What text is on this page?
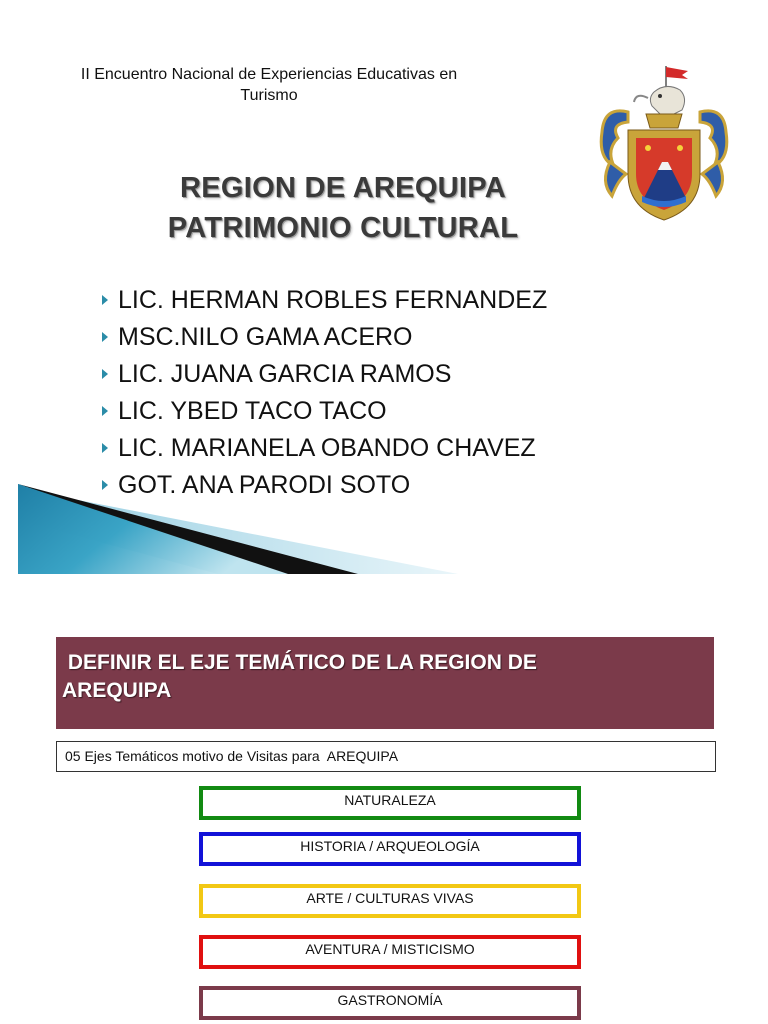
II Encuentro Nacional de Experiencias Educativas en
Turismo
REGION DE AREQUIPA
PATRIMONIO CULTURAL
LIC. HERMAN ROBLES FERNANDEZ
MSC.NILO GAMA ACERO
LIC. JUANA GARCIA RAMOS
LIC. YBED TACO TACO
LIC. MARIANELA OBANDO CHAVEZ
GOT. ANA PARODI SOTO
DEFINIR EL EJE TEMÁTICO DE LA REGION DE
AREQUIPA
05 Ejes Temáticos motivo de Visitas para  AREQUIPA
NATURALEZA
HISTORIA / ARQUEOLOGÍA
ARTE / CULTURAS VIVAS
AVENTURA / MISTICISMO
GASTRONOMÍA
